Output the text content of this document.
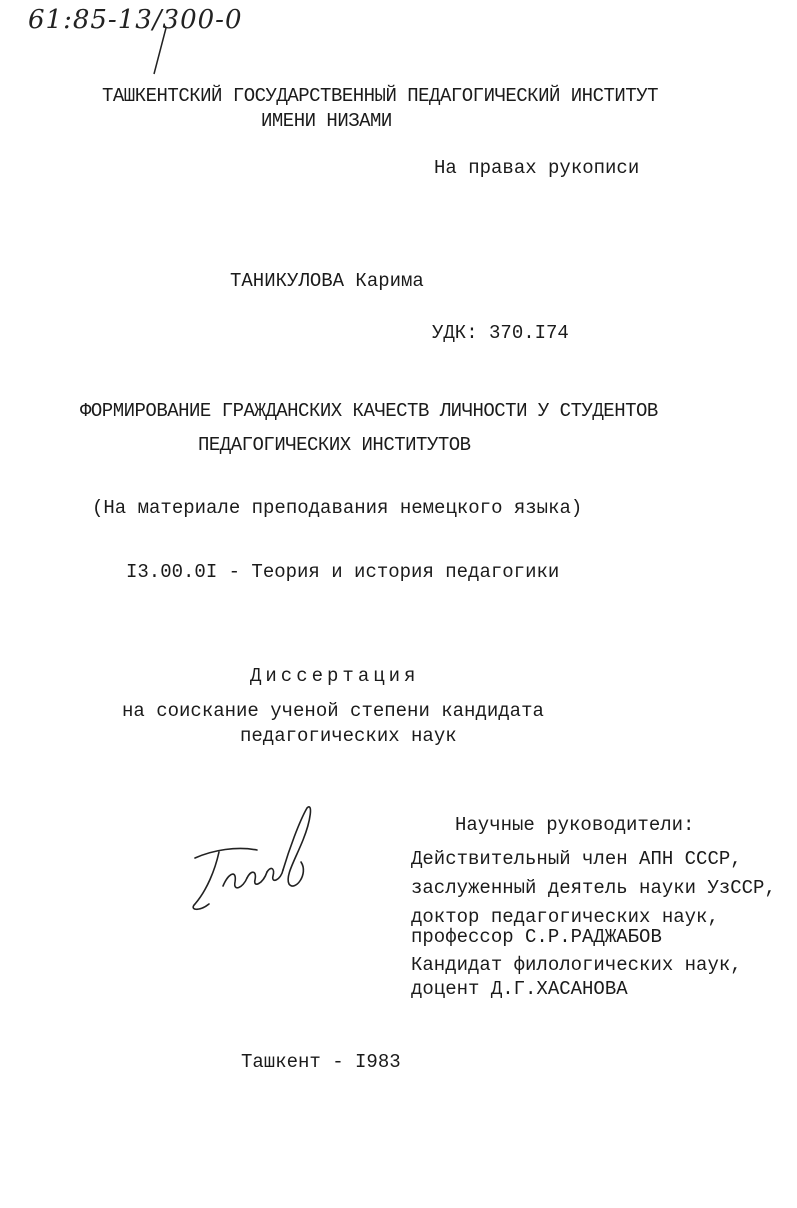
61:85-13/300-0
ТАШКЕНТСКИЙ ГОСУДАРСТВЕННЫЙ ПЕДАГОГИЧЕСКИЙ ИНСТИТУТ
ИМЕНИ НИЗАМИ
На правах рукописи
ТАНИКУЛОВА Карима
УДК: 370.I74
ФОРМИРОВАНИЕ ГРАЖДАНСКИХ КАЧЕСТВ ЛИЧНОСТИ У СТУДЕНТОВ
ПЕДАГОГИЧЕСКИХ ИНСТИТУТОВ
(На материале преподавания немецкого языка)
I3.00.0I - Теория и история педагогики
Диссертация
на соискание ученой степени кандидата
педагогических наук
Научные руководители:
Действительный член АПН СССР,
заслуженный деятель науки УзССР,
доктор педагогических наук,
профессор С.Р.РАДЖАБОВ
Кандидат филологических наук,
доцент Д.Г.ХАСАНОВА
Ташкент - I983
